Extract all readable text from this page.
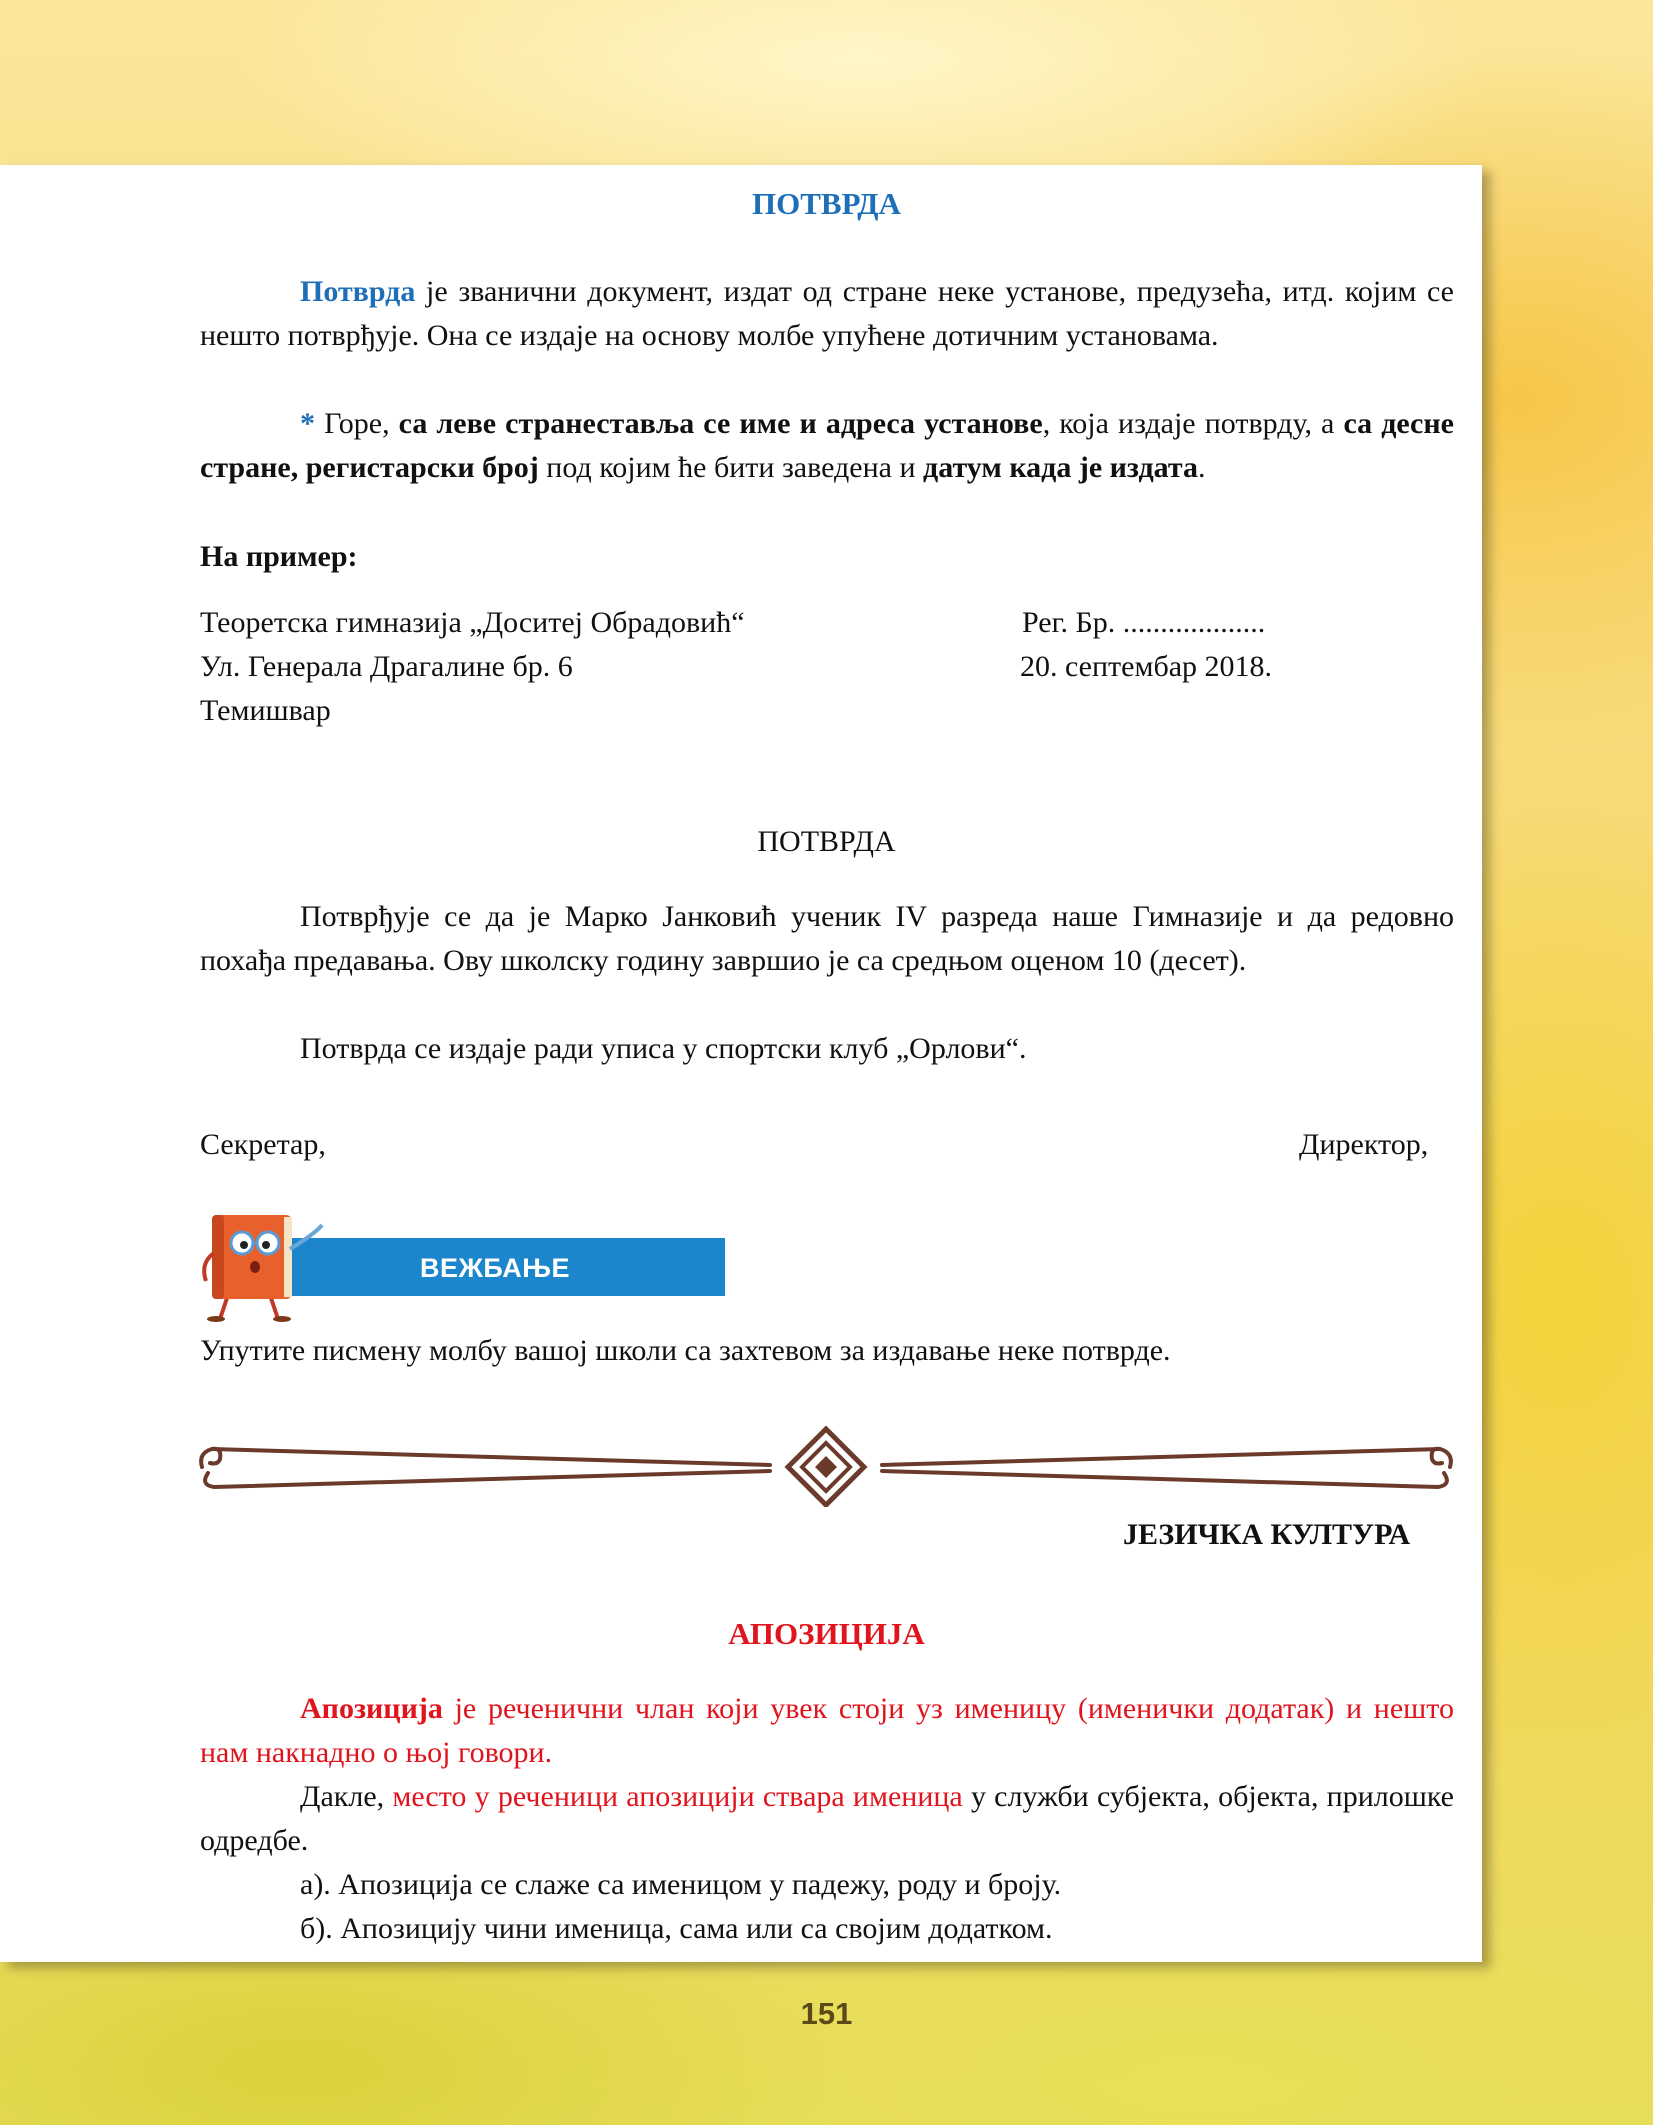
ПОТВРДА

Потврда је званични документ, издат од стране неке установе, предузећа, итд. којим се нешто потврђује. Она се издаје на основу молбе упућене дотичним установама.

* Горе, са леве странеставља се име и адреса установе, која издаје потврду, а са десне стране, регистарски број под којим ће бити заведена и датум када је издата.

На пример:
Теоретска гимназија „Доситеј Обрадовић“
Ул. Генерала Драгалине бр. 6
Темишвар
Рег. Бр. ...................
20. септембар 2018.
ПОТВРДА

Потврђује се да је Марко Јанковић ученик IV разреда наше Гимназије и да редовно похађа предавања. Ову школску годину завршио је са средњом оценом 10 (десет).

Потврда се издаје ради уписа у спортски клуб „Орлови“.

Секретар,	Директор,
ВЕЖБАЊЕ
Упутите писмену молбу вашој школи са захтевом за издавање неке потврде.
ЈЕЗИЧКА КУЛТУРА
АПОЗИЦИЈА

Апозиција је реченични члан који увек стоји уз именицу (именички додатак) и нешто нам накнадно о њој говори.

Дакле, место у реченици апозицији ствара именица у служби субјекта, објекта, прилошке одредбе.

а). Апозиција се слаже са именицом у падежу, роду и броју.
б). Апозицију чини именица, сама или са својим додатком.
151
